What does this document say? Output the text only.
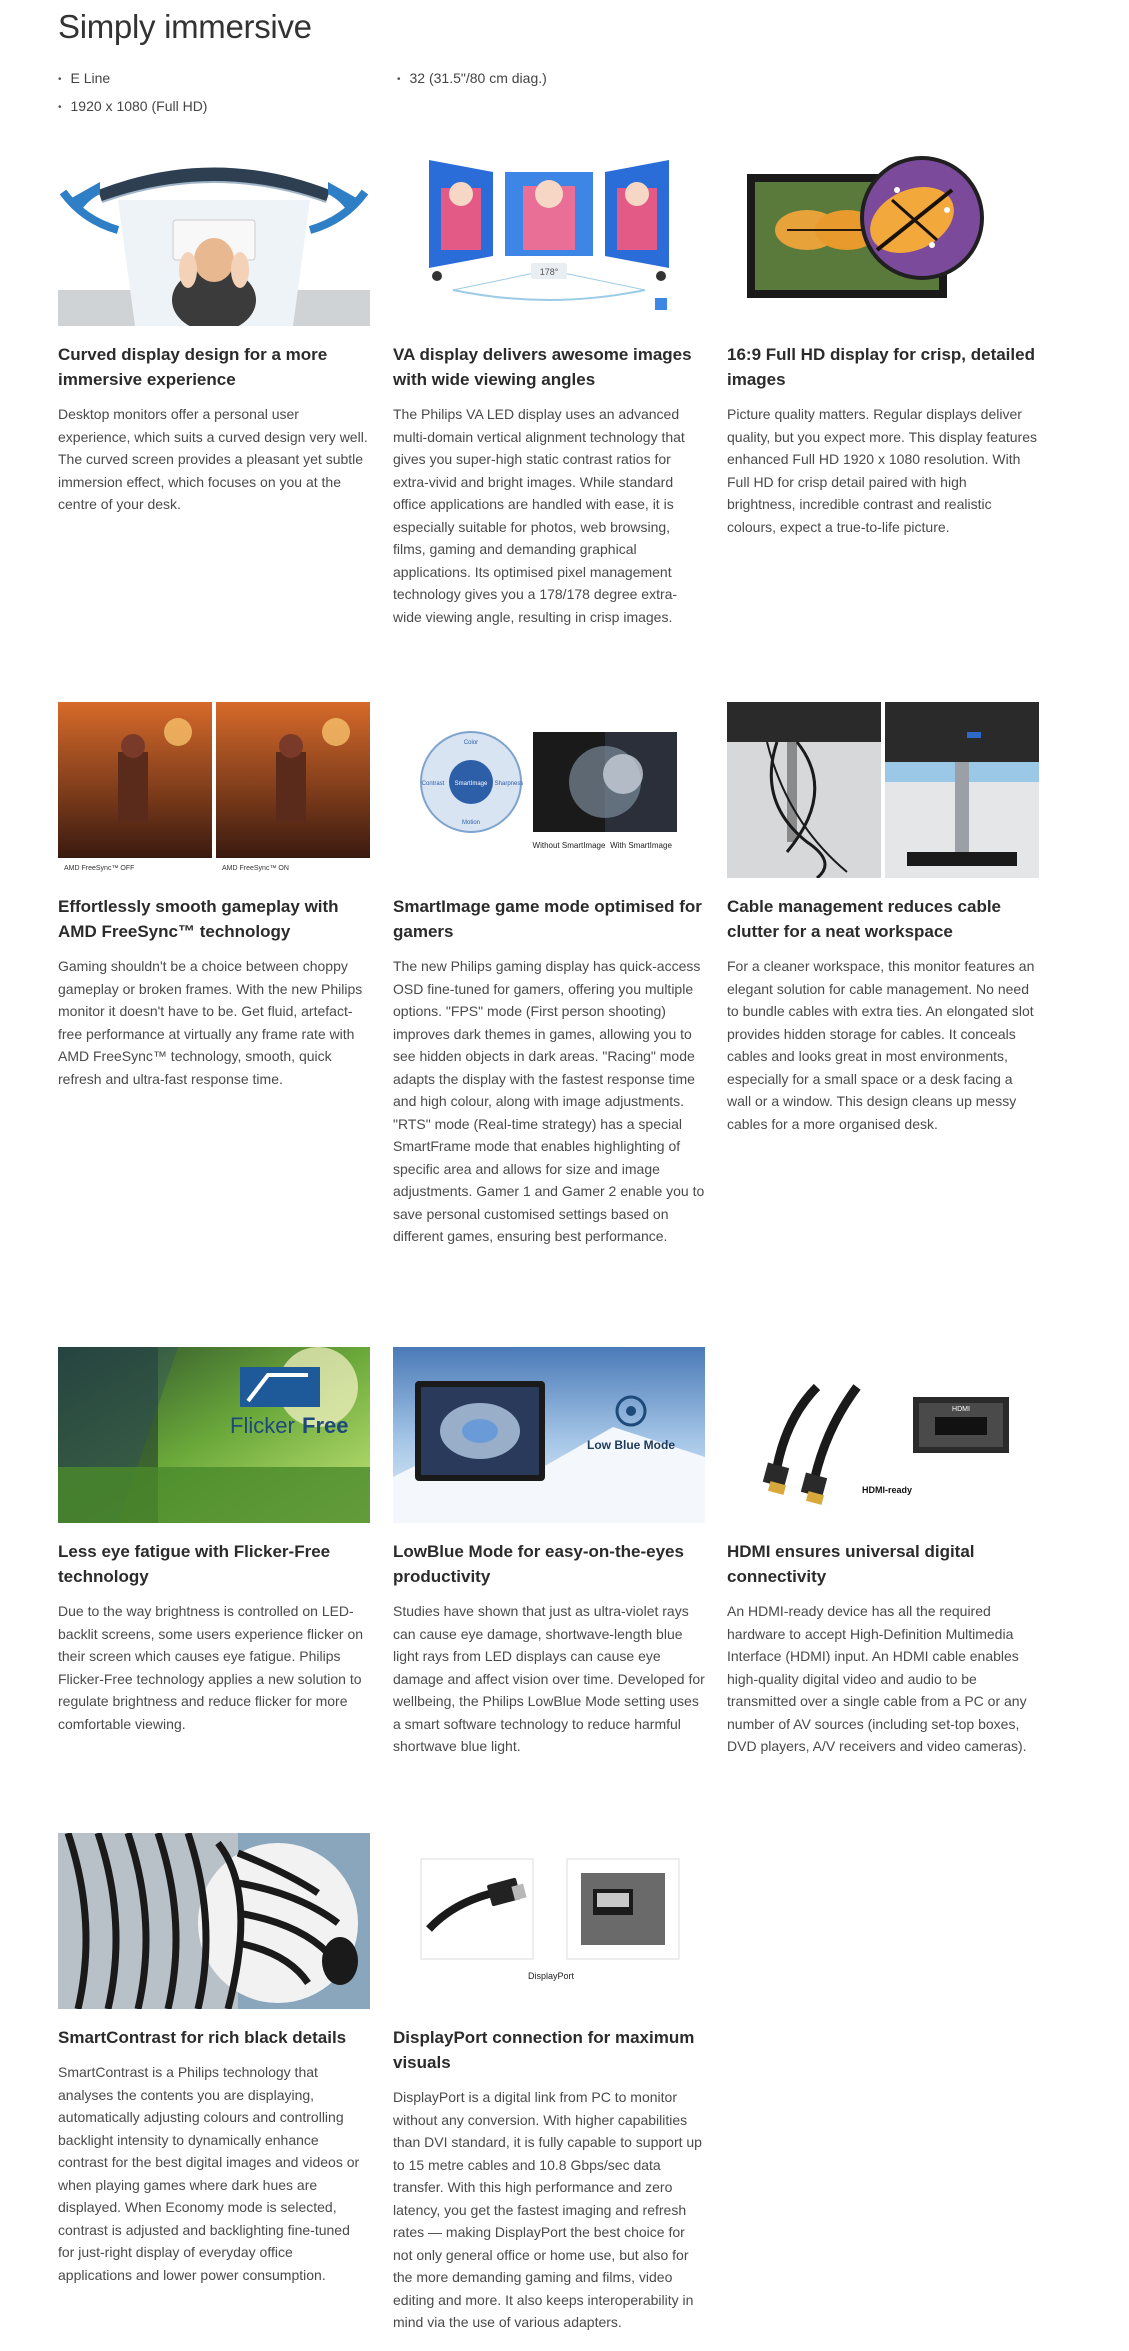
Simply immersive
• E Line
•	32 (31.5"/80 cm diag.)
• 1920 x 1080 (Full HD)
Curved display design for a more immersive experience
Desktop monitors offer a personal user experience, which suits a curved design very well. The curved screen provides a pleasant yet subtle immersion effect, which focuses on you at the centre of your desk.
178°
VA display delivers awesome images with wide viewing angles
The Philips VA LED display uses an advanced multi-domain vertical alignment technology that gives you super-high static contrast ratios for extra-vivid and bright images. While standard office applications are handled with ease, it is especially suitable for photos, web browsing, films, gaming and demanding graphical applications. Its optimised pixel management technology gives you a 178/178 degree extra-wide viewing angle, resulting in crisp images.
16:9 Full HD display for crisp, detailed images
Picture quality matters. Regular displays deliver quality, but you expect more. This display features enhanced Full HD 1920 x 1080 resolution. With Full HD for crisp detail paired with high brightness, incredible contrast and realistic colours, expect a true-to-life picture.
AMD FreeSync™ OFF	AMD FreeSync™ ON
Effortlessly smooth gameplay with AMD FreeSync™ technology
Gaming shouldn't be a choice between choppy gameplay or broken frames. With the new Philips monitor it doesn't have to be. Get fluid, artefact-free performance at virtually any frame rate with AMD FreeSync™ technology, smooth, quick refresh and ultra-fast response time.
SmartImage
Color
Sharpness
Motion
Contrast
Without SmartImage With SmartImage
SmartImage game mode optimised for gamers
The new Philips gaming display has quick-access OSD fine-tuned for gamers, offering you multiple options. "FPS" mode (First person shooting) improves dark themes in games, allowing you to see hidden objects in dark areas. "Racing" mode adapts the display with the fastest response time and high colour, along with image adjustments. "RTS" mode (Real-time strategy) has a special SmartFrame mode that enables highlighting of specific area and allows for size and image adjustments. Gamer 1 and Gamer 2 enable you to save personal customised settings based on different games, ensuring best performance.
Cable management reduces cable clutter for a neat workspace
For a cleaner workspace, this monitor features an elegant solution for cable management. No need to bundle cables with extra ties. An elongated slot provides hidden storage for cables. It conceals cables and looks great in most environments, especially for a small space or a desk facing a wall or a window. This design cleans up messy cables for a more organised desk.
Flicker Free
Less eye fatigue with Flicker-Free technology
Due to the way brightness is controlled on LED-backlit screens, some users experience flicker on their screen which causes eye fatigue. Philips Flicker-Free technology applies a new solution to regulate brightness and reduce flicker for more comfortable viewing.
Low Blue Mode
LowBlue Mode for easy-on-the-eyes productivity
Studies have shown that just as ultra-violet rays can cause eye damage, shortwave-length blue light rays from LED displays can cause eye damage and affect vision over time. Developed for wellbeing, the Philips LowBlue Mode setting uses a smart software technology to reduce harmful shortwave blue light.
HDMI
HDMI-ready
HDMI ensures universal digital connectivity
An HDMI-ready device has all the required hardware to accept High-Definition Multimedia Interface (HDMI) input. An HDMI cable enables high-quality digital video and audio to be transmitted over a single cable from a PC or any number of AV sources (including set-top boxes, DVD players, A/V receivers and video cameras).
SmartContrast for rich black details
SmartContrast is a Philips technology that analyses the contents you are displaying, automatically adjusting colours and controlling backlight intensity to dynamically enhance contrast for the best digital images and videos or when playing games where dark hues are displayed. When Economy mode is selected, contrast is adjusted and backlighting fine-tuned for just-right display of everyday office applications and lower power consumption.
DisplayPort
DisplayPort connection for maximum visuals
DisplayPort is a digital link from PC to monitor without any conversion. With higher capabilities than DVI standard, it is fully capable to support up to 15 metre cables and 10.8 Gbps/sec data transfer. With this high performance and zero latency, you get the fastest imaging and refresh rates — making DisplayPort the best choice for not only general office or home use, but also for the more demanding gaming and films, video editing and more. It also keeps interoperability in mind via the use of various adapters.
